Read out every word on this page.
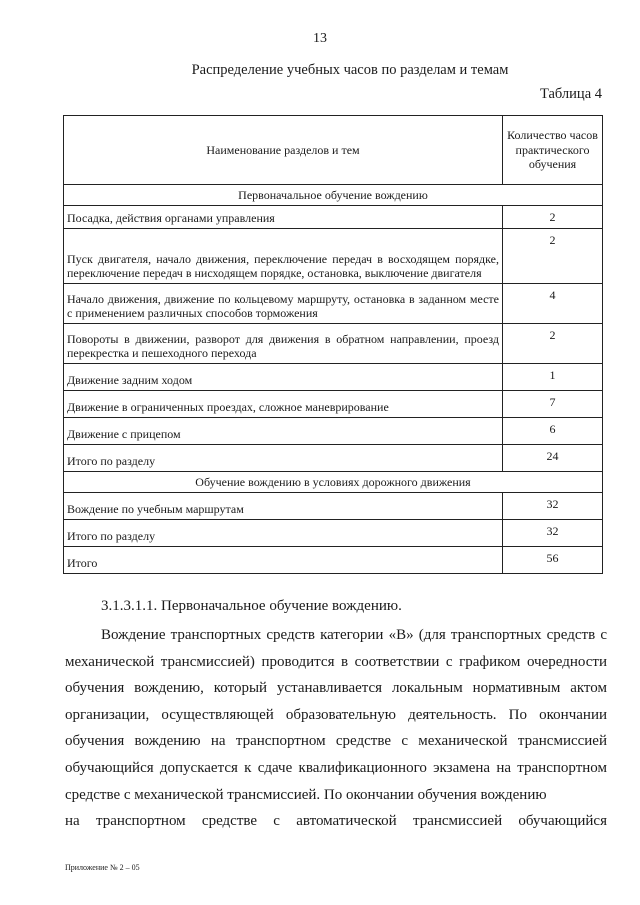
13
Распределение учебных часов по разделам и темам
Таблица 4
Наименование разделов и тем	Количество часов практического обучения
Первоначальное обучение вождению	
Посадка, действия органами управления	2
Пуск двигателя, начало движения, переключение передач в восходящем порядке, переключение передач в нисходящем порядке, остановка, выключение двигателя	2
Начало движения, движение по кольцевому маршруту, остановка в заданном месте с применением различных способов торможения	4
Повороты в движении, разворот для движения в обратном направлении, проезд перекрестка и пешеходного перехода	2
Движение задним ходом	1
Движение в ограниченных проездах, сложное маневрирование	7
Движение с прицепом	6
Итого по разделу	24
Обучение вождению в условиях дорожного движения	
Вождение по учебным маршрутам	32
Итого по разделу	32
Итого	56
3.1.3.1.1. Первоначальное обучение вождению.

Вождение транспортных средств категории «B» (для транспортных средств с механической трансмиссией) проводится в соответствии с графиком очередности обучения вождению, который устанавливается локальным нормативным актом организации, осуществляющей образовательную деятельность. По окончании обучения вождению на транспортном средстве с механической трансмиссией обучающийся допускается к сдаче квалификационного экзамена на транспортном средстве с механической трансмиссией. По окончании обучения вождению
на транспортном средстве с автоматической трансмиссией обучающийся

Приложение № 2 – 05
